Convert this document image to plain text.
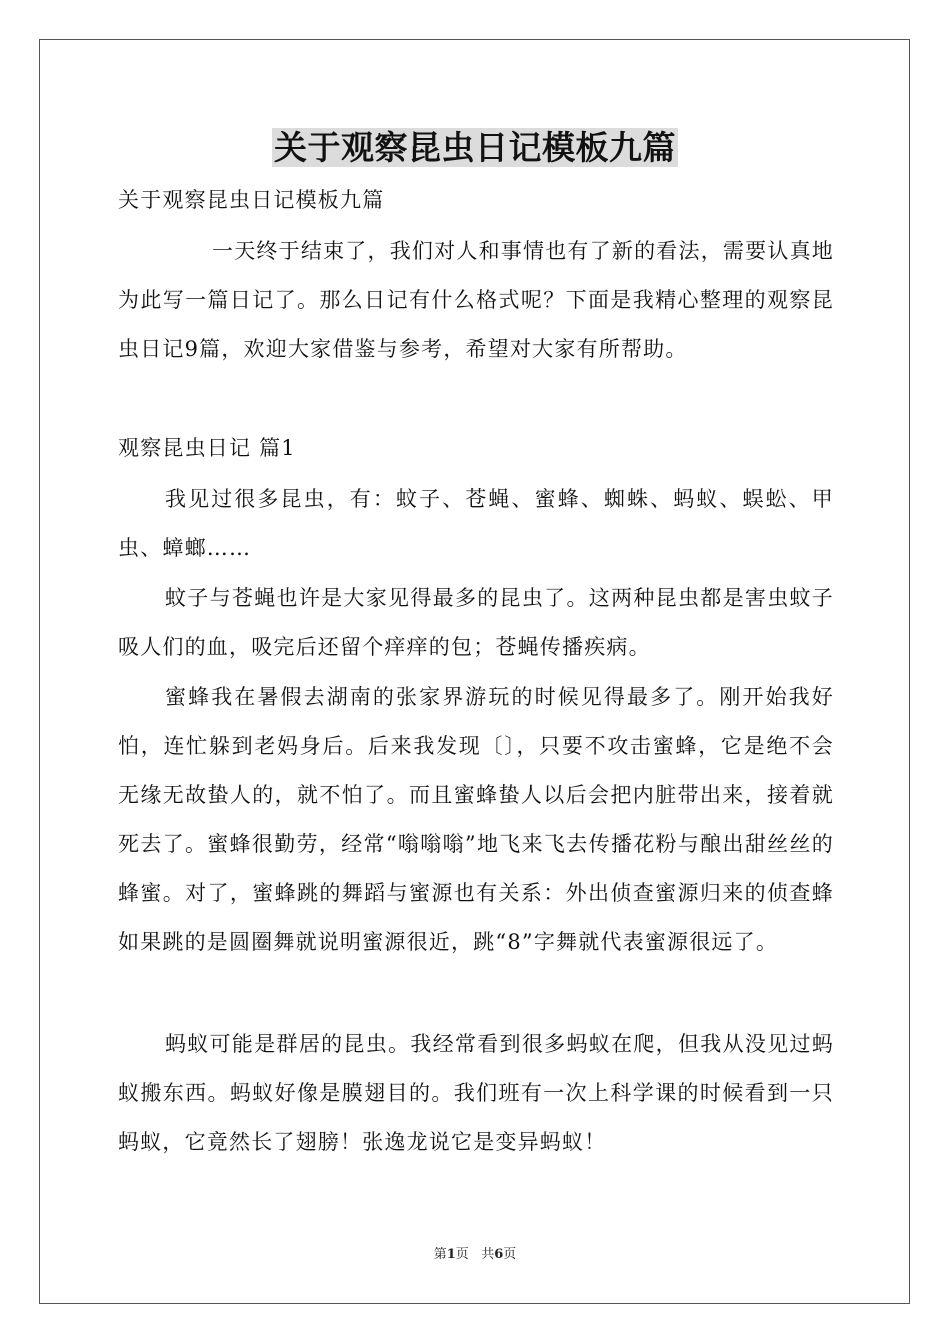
关于观察昆虫日记模板九篇
关于观察昆虫日记模板九篇
一天终于结束了，我们对人和事情也有了新的看法，需要认真地为此写一篇日记了。那么日记有什么格式呢？下面是我精心整理的观察昆虫日记9篇，欢迎大家借鉴与参考，希望对大家有所帮助。
观察昆虫日记 篇1
我见过很多昆虫，有：蚊子、苍蝇、蜜蜂、蜘蛛、蚂蚁、蜈蚣、甲虫、蟑螂……
蚊子与苍蝇也许是大家见得最多的昆虫了。这两种昆虫都是害虫蚊子吸人们的血，吸完后还留个痒痒的包；苍蝇传播疾病。
蜜蜂我在暑假去湖南的张家界游玩的时候见得最多了。刚开始我好怕，连忙躲到老妈身后。后来我发现〔〕，只要不攻击蜜蜂，它是绝不会无缘无故蛰人的，就不怕了。而且蜜蜂蛰人以后会把内脏带出来，接着就死去了。蜜蜂很勤劳，经常“嗡嗡嗡”地飞来飞去传播花粉与酿出甜丝丝的蜂蜜。对了，蜜蜂跳的舞蹈与蜜源也有关系：外出侦查蜜源归来的侦查蜂如果跳的是圆圈舞就说明蜜源很近，跳“8”字舞就代表蜜源很远了。
蚂蚁可能是群居的昆虫。我经常看到很多蚂蚁在爬，但我从没见过蚂蚁搬东西。蚂蚁好像是膜翅目的。我们班有一次上科学课的时候看到一只蚂蚁，它竟然长了翅膀！张逸龙说它是变异蚂蚁！
第1页 共6页
